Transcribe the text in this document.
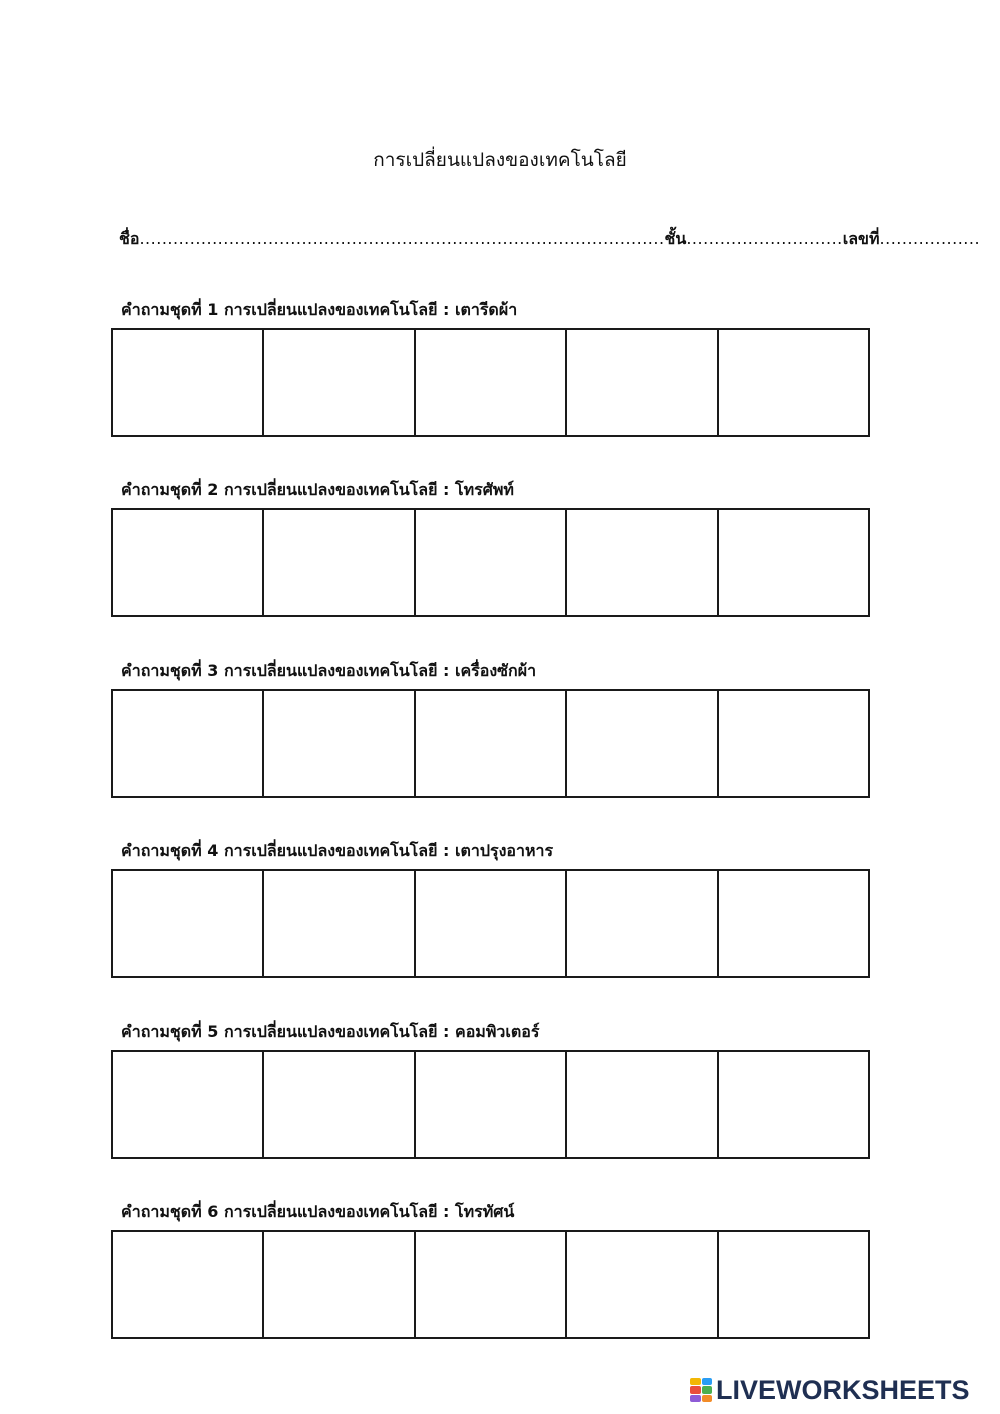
การเปลี่ยนแปลงของเทคโนโลยี
ชื่อ..............................................................................................ชั้น............................เลขที่..................
คำถามชุดที่ 1 การเปลี่ยนแปลงของเทคโนโลยี : เตารีดผ้า
คำถามชุดที่ 2 การเปลี่ยนแปลงของเทคโนโลยี : โทรศัพท์
คำถามชุดที่ 3 การเปลี่ยนแปลงของเทคโนโลยี : เครื่องซักผ้า
คำถามชุดที่ 4 การเปลี่ยนแปลงของเทคโนโลยี : เตาปรุงอาหาร
คำถามชุดที่ 5 การเปลี่ยนแปลงของเทคโนโลยี : คอมพิวเตอร์
คำถามชุดที่ 6 การเปลี่ยนแปลงของเทคโนโลยี : โทรทัศน์
LIVEWORKSHEETS
